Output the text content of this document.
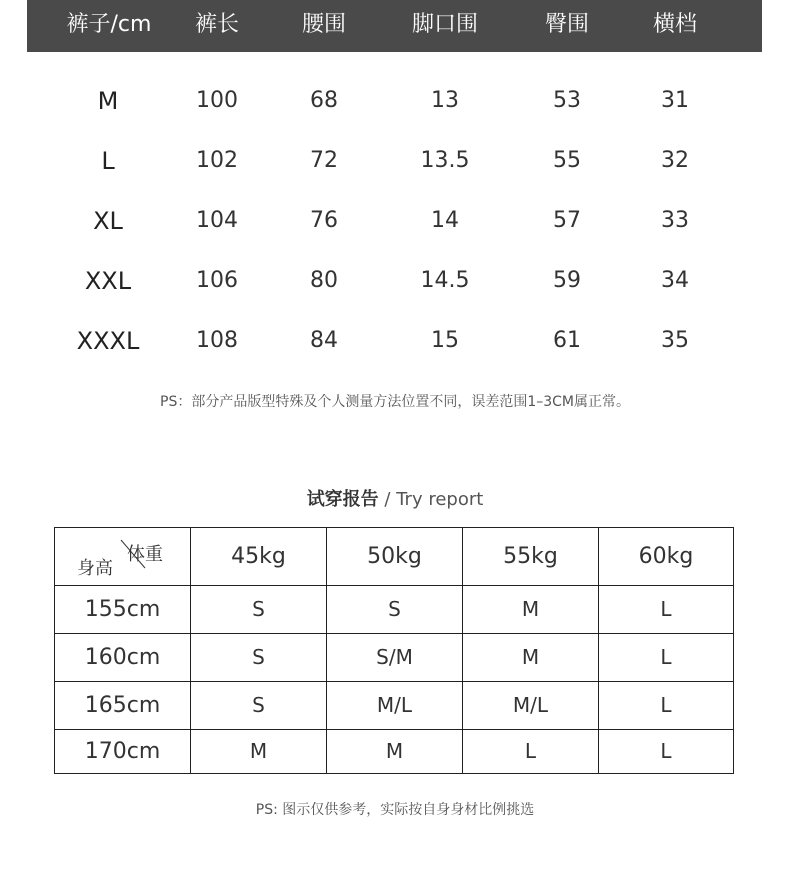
裤子/cm	裤长	腰围	脚口围	臀围	横档
M	100	68	13	53	31
L	102	72	13.5	55	32
XL	104	76	14	57	33
XXL	106	80	14.5	59	34
XXXL	108	84	15	61	35
PS：部分产品版型特殊及个人测量方法位置不同，误差范围1–3CM属正常。
试穿报告 / Try report
身高
体重	45kg	50kg	55kg	60kg
155cm	S	S	M	L
160cm	S	S/M	M	L
165cm	S	M/L	M/L	L
170cm	M	M	L	L
PS: 图示仅供参考，实际按自身身材比例挑选
